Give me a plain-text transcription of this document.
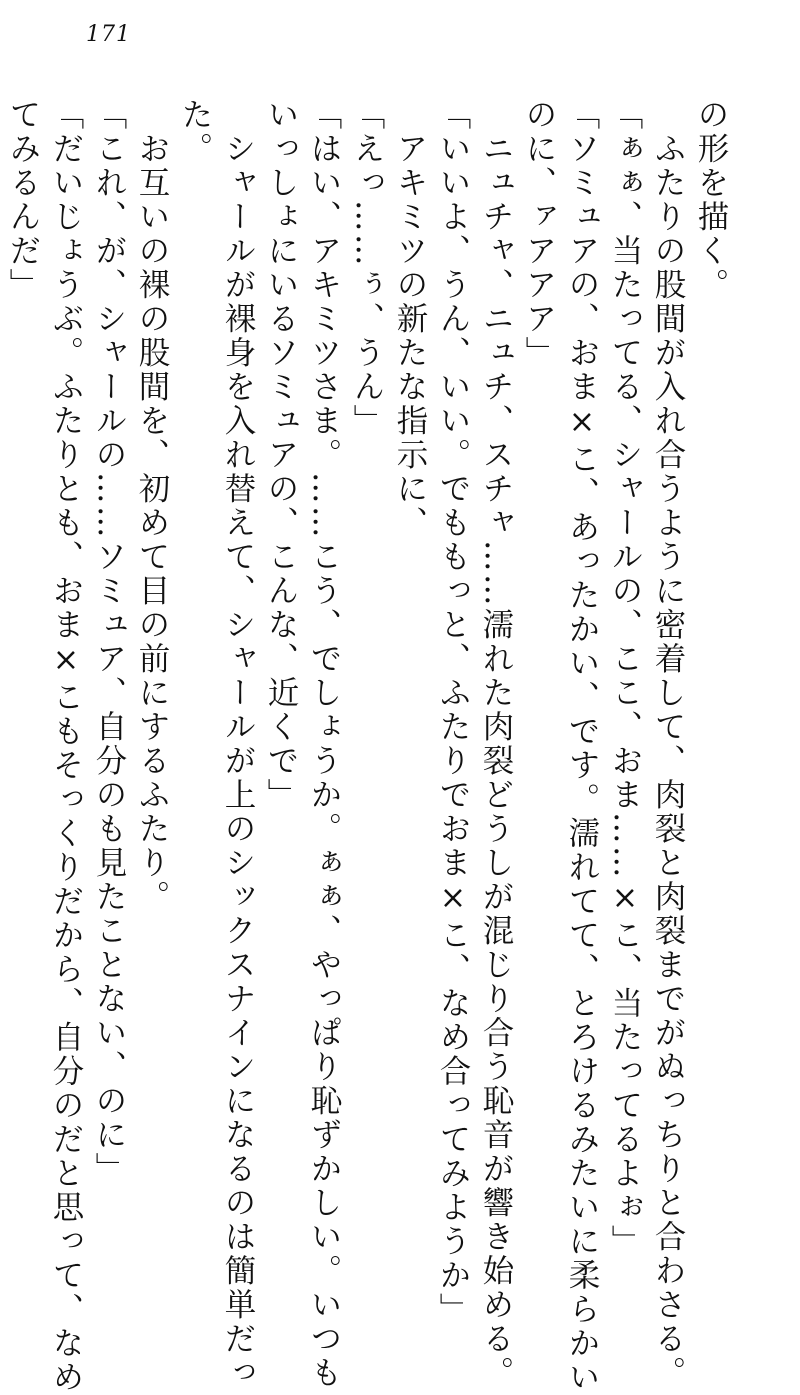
171
の形を描く。
　ふたりの股間が入れ合うように密着して、肉裂と肉裂までがぬっちりと合わさる。
「ぁぁ、当たってる、シャールの、ここ、おま……×こ、当たってるよぉ」
「ソミュアの、おま×こ、あったかい、です。濡れてて、とろけるみたいに柔らかい
のに、ァアアア」
　ニュチャ、ニュチ、スチャ……濡れた肉裂どうしが混じり合う恥音が響き始める。
「いいよ、うん、いい。でももっと、ふたりでおま×こ、なめ合ってみようか」
　アキミツの新たな指示に、
「えっ……ぅ、うん」
「はい、アキミツさま。……こう、でしょうか。ぁぁ、やっぱり恥ずかしい。いつも
いっしょにいるソミュアの、こんな、近くで」
　シャールが裸身を入れ替えて、シャールが上のシックスナインになるのは簡単だっ
た。
　お互いの裸の股間を、初めて目の前にするふたり。
「これ、が、シャールの……ソミュア、自分のも見たことない、のに」
「だいじょうぶ。ふたりとも、おま×こもそっくりだから、自分のだと思って、なめ
てみるんだ」
